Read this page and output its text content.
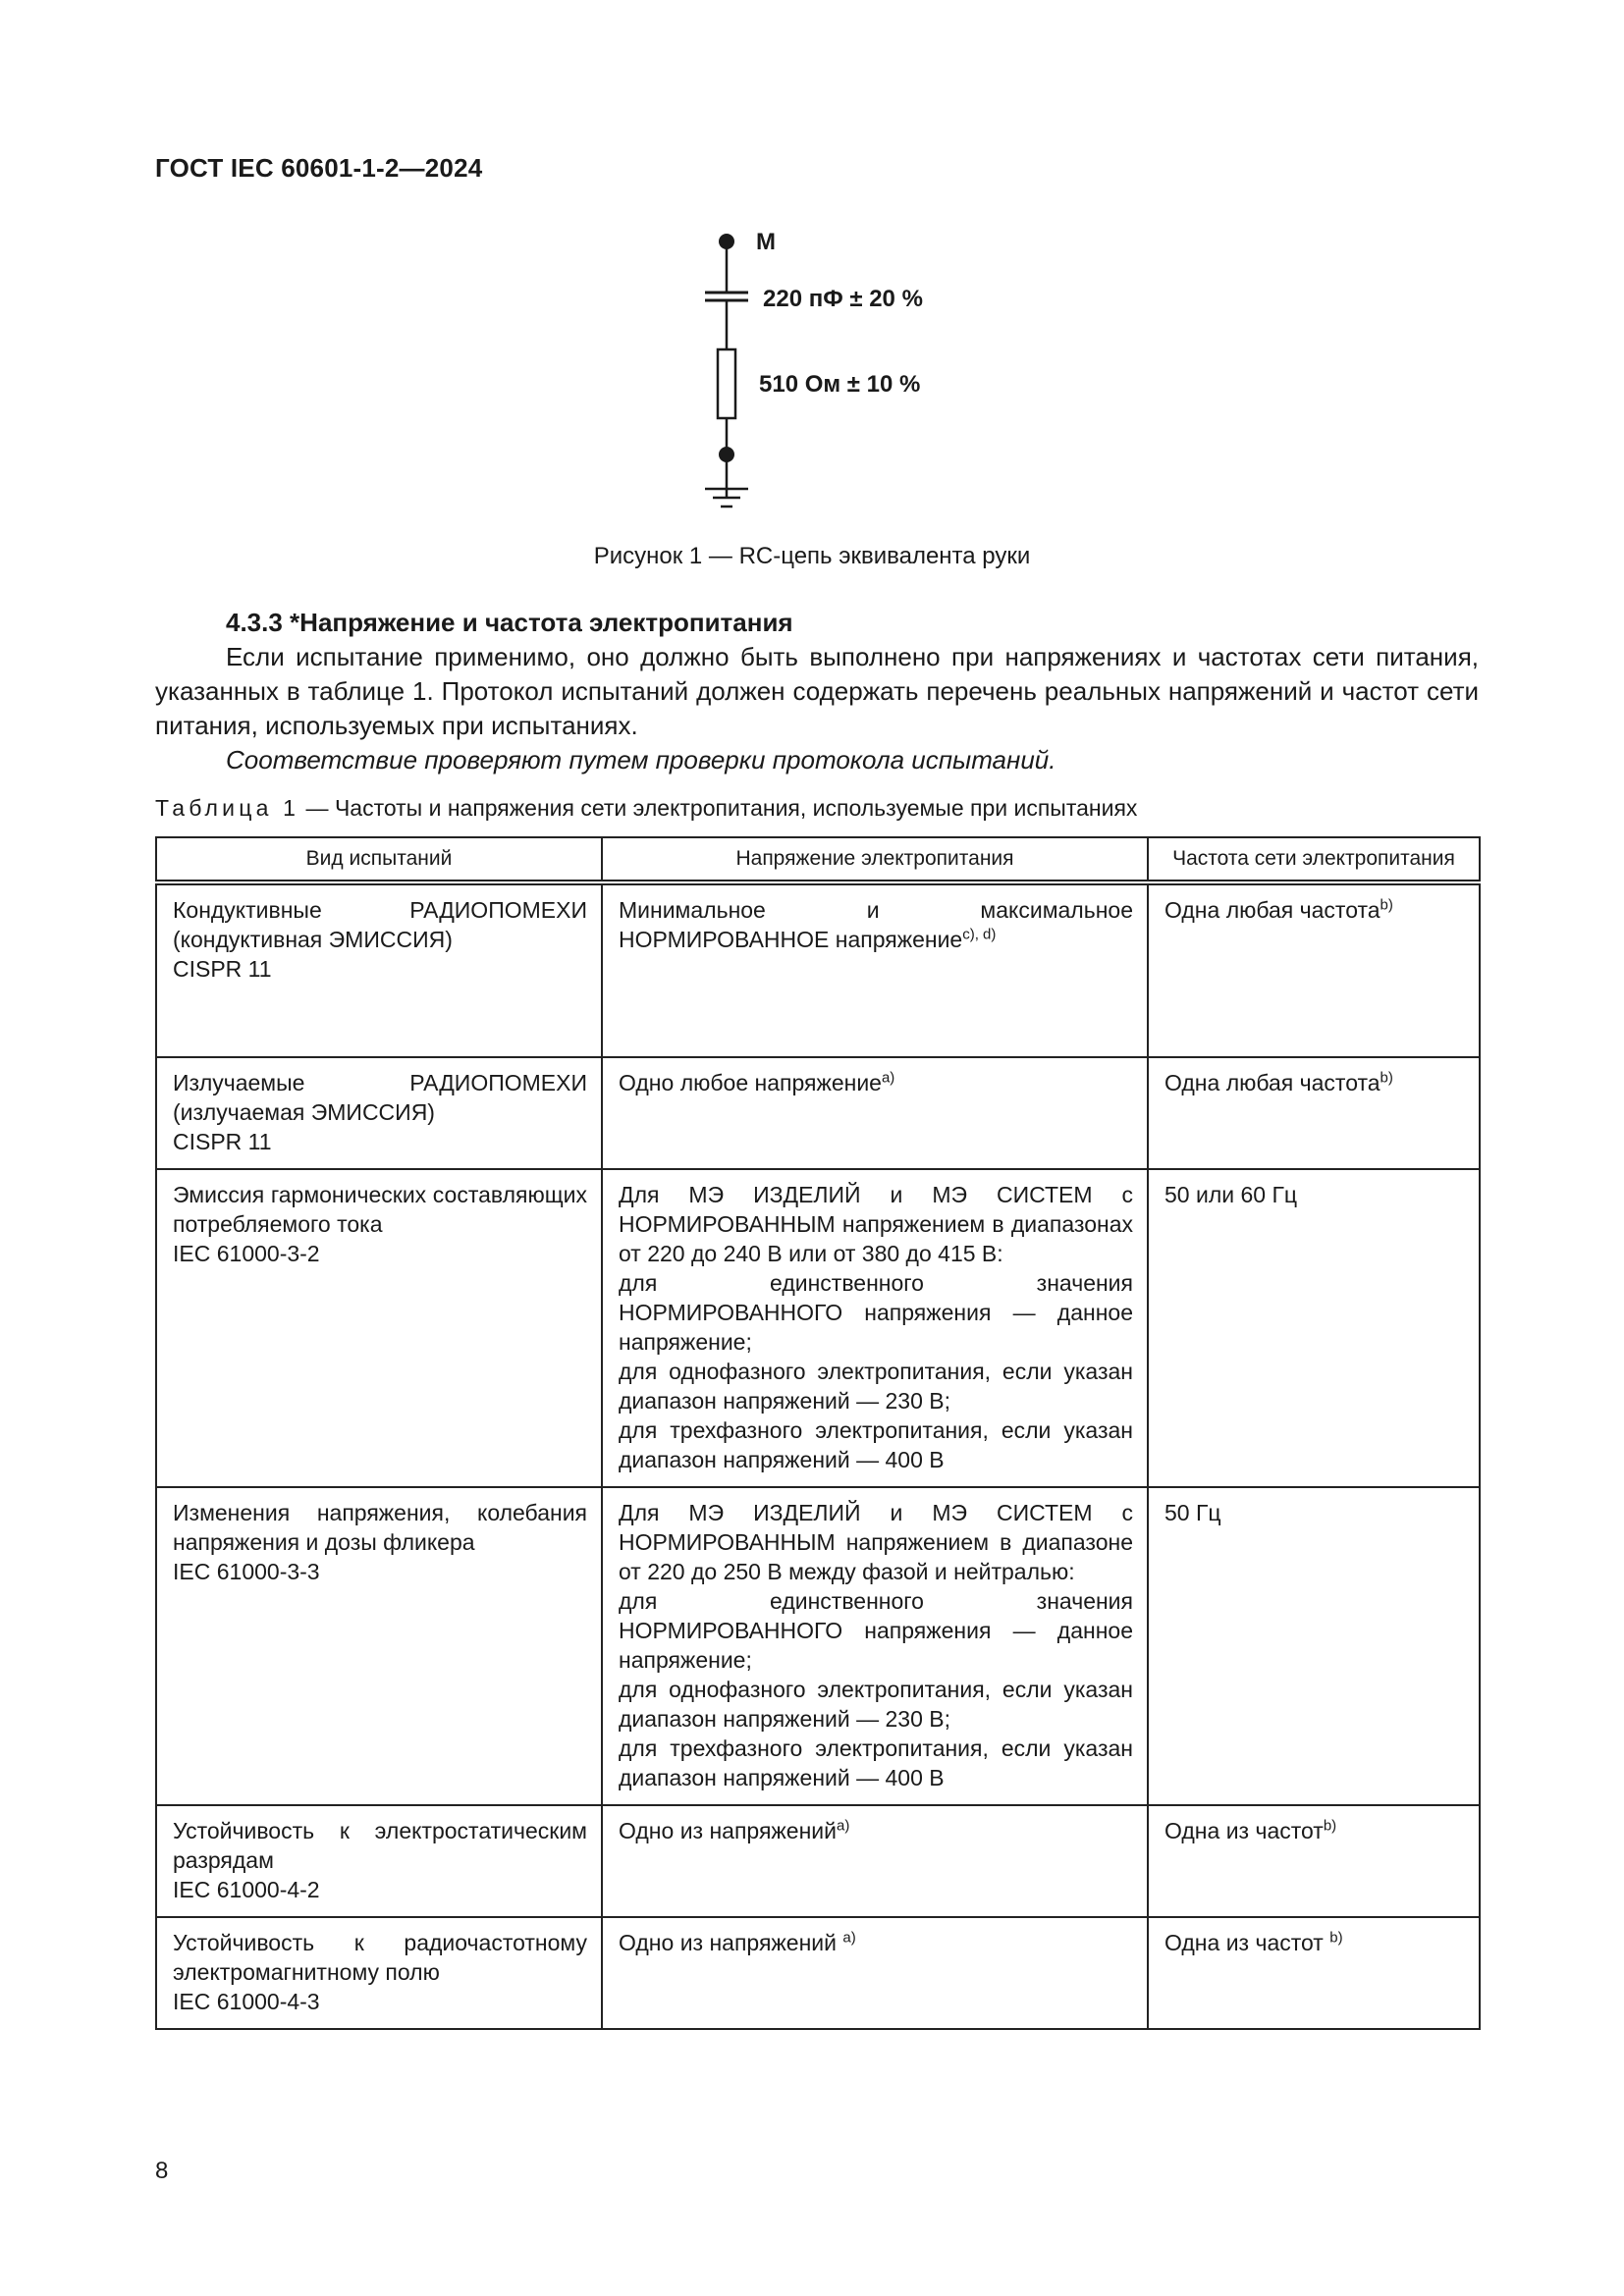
ГОСТ IEC 60601-1-2—2024
M
220 пФ ± 20 %
510 Ом ± 10 %
Рисунок 1 — RC-цепь эквивалента руки
4.3.3 *Напряжение и частота электропитания

Если испытание применимо, оно должно быть выполнено при напряжениях и частотах сети питания, указанных в таблице 1. Протокол испытаний должен содержать перечень реальных напряжений и частот сети питания, используемых при испытаниях.

Соответствие проверяют путем проверки протокола испытаний.

Таблица 1 — Частоты и напряжения сети электропитания, используемые при испытаниях
Вид испытаний	Напряжение электропитания	Частота сети электропитания

Кондуктивные РАДИОПОМЕХИ (кондуктивная ЭМИССИЯ)
CISPR 11	Минимальное и максимальное НОРМИРОВАННОЕ напряжение$^{c), d)}$	Одна любая частота$^{b)}$

Излучаемые РАДИОПОМЕХИ (излучаемая ЭМИССИЯ)
CISPR 11	Одно любое напряжение$^{a)}$	Одна любая частота$^{b)}$

Эмиссия гармонических составляющих потребляемого тока
IEC 61000-3-2	Для МЭ ИЗДЕЛИЙ и МЭ СИСТЕМ с НОРМИРОВАННЫМ напряжением в диапазонах от 220 до 240 В или от 380 до 415 В:
для единственного значения НОРМИРОВАННОГО напряжения — данное напряжение;
для однофазного электропитания, если указан диапазон напряжений — 230 В;
для трехфазного электропитания, если указан диапазон напряжений — 400 В	50 или 60 Гц

Изменения напряжения, колебания напряжения и дозы фликера
IEC 61000-3-3	Для МЭ ИЗДЕЛИЙ и МЭ СИСТЕМ с НОРМИРОВАННЫМ напряжением в диапазоне от 220 до 250 В между фазой и нейтралью:
для единственного значения НОРМИРОВАННОГО напряжения — данное напряжение;
для однофазного электропитания, если указан диапазон напряжений — 230 В;
для трехфазного электропитания, если указан диапазон напряжений — 400 В	50 Гц

Устойчивость к электростатическим разрядам
IEC 61000-4-2	Одно из напряжений$^{a)}$	Одна из частот$^{b)}$

Устойчивость к радиочастотному электромагнитному полю
IEC 61000-4-3	Одно из напряжений $^{a)}$	Одна из частот $^{b)}$
8
